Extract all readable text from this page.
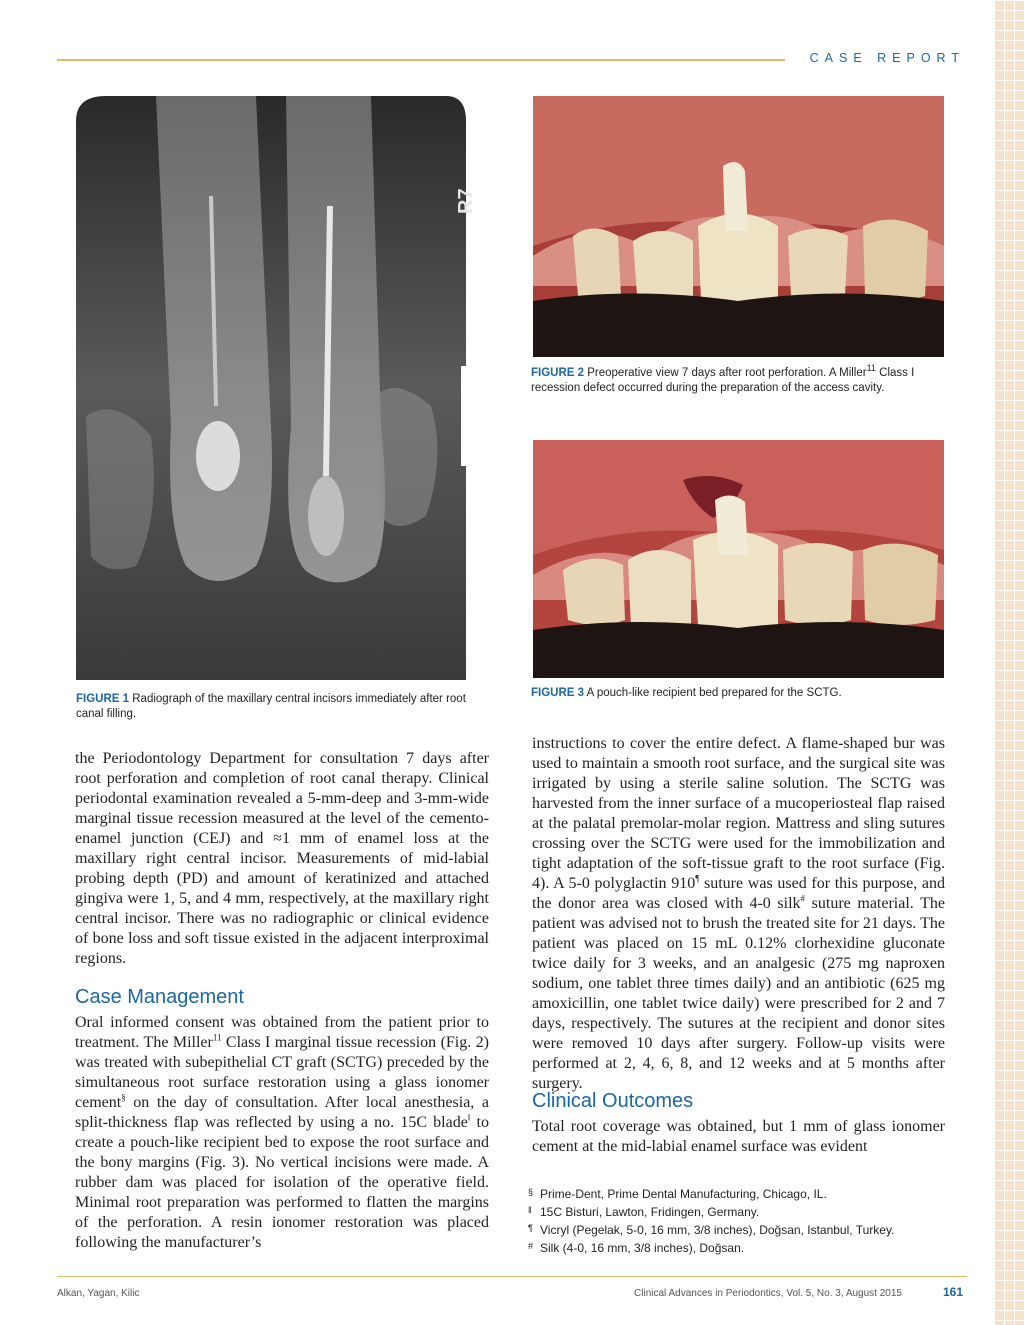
CASE REPORT
R7
FIGURE 1 Radiograph of the maxillary central incisors immediately after root canal filling.
FIGURE 2 Preoperative view 7 days after root perforation. A Miller$^{11}$ Class I recession defect occurred during the preparation of the access cavity.
FIGURE 3 A pouch-like recipient bed prepared for the SCTG.

the Periodontology Department for consultation 7 days after root perforation and completion of root canal therapy. Clinical periodontal examination revealed a 5-mm-deep and 3-mm-wide marginal tissue recession measured at the level of the cemento-enamel junction (CEJ) and ≈1 mm of enamel loss at the maxillary right central incisor. Measurements of mid-labial probing depth (PD) and amount of keratinized and attached gingiva were 1, 5, and 4 mm, respectively, at the maxillary right central incisor. There was no radiographic or clinical evidence of bone loss and soft tissue existed in the adjacent interproximal regions.

Case Management

Oral informed consent was obtained from the patient prior to treatment. The Miller$^{11}$ Class I marginal tissue recession (Fig. 2) was treated with subepithelial CT graft (SCTG) preceded by the simultaneous root surface restoration using a glass ionomer cement§ on the day of consultation. After local anesthesia, a split-thickness flap was reflected by using a no. 15C blade‖ to create a pouch-like recipient bed to expose the root surface and the bony margins (Fig. 3). No vertical incisions were made. A rubber dam was placed for isolation of the operative field. Minimal root preparation was performed to flatten the margins of the perforation. A resin ionomer restoration was placed following the manufacturer’s

instructions to cover the entire defect. A flame-shaped bur was used to maintain a smooth root surface, and the surgical site was irrigated by using a sterile saline solution. The SCTG was harvested from the inner surface of a mucoperiosteal flap raised at the palatal premolar-molar region. Mattress and sling sutures crossing over the SCTG were used for the immobilization and tight adaptation of the soft-tissue graft to the root surface (Fig. 4). A 5-0 polyglactin 910¶ suture was used for this purpose, and the donor area was closed with 4-0 silk# suture material. The patient was advised not to brush the treated site for 21 days. The patient was placed on 15 mL 0.12% clorhexidine gluconate twice daily for 3 weeks, and an analgesic (275 mg naproxen sodium, one tablet three times daily) and an antibiotic (625 mg amoxicillin, one tablet twice daily) were prescribed for 2 and 7 days, respectively. The sutures at the recipient and donor sites were removed 10 days after surgery. Follow-up visits were performed at 2, 4, 6, 8, and 12 weeks and at 5 months after surgery.

Clinical Outcomes

Total root coverage was obtained, but 1 mm of glass ionomer cement at the mid-labial enamel surface was evident

§ Prime-Dent, Prime Dental Manufacturing, Chicago, IL.
‖ 15C Bisturi, Lawton, Fridingen, Germany.
¶ Vicryl (Pegelak, 5-0, 16 mm, 3/8 inches), Doğsan, Istanbul, Turkey.
# Silk (4-0, 16 mm, 3/8 inches), Doğsan.
Alkan, Yagan, Kilic	Clinical Advances in Periodontics, Vol. 5, No. 3, August 2015	161
